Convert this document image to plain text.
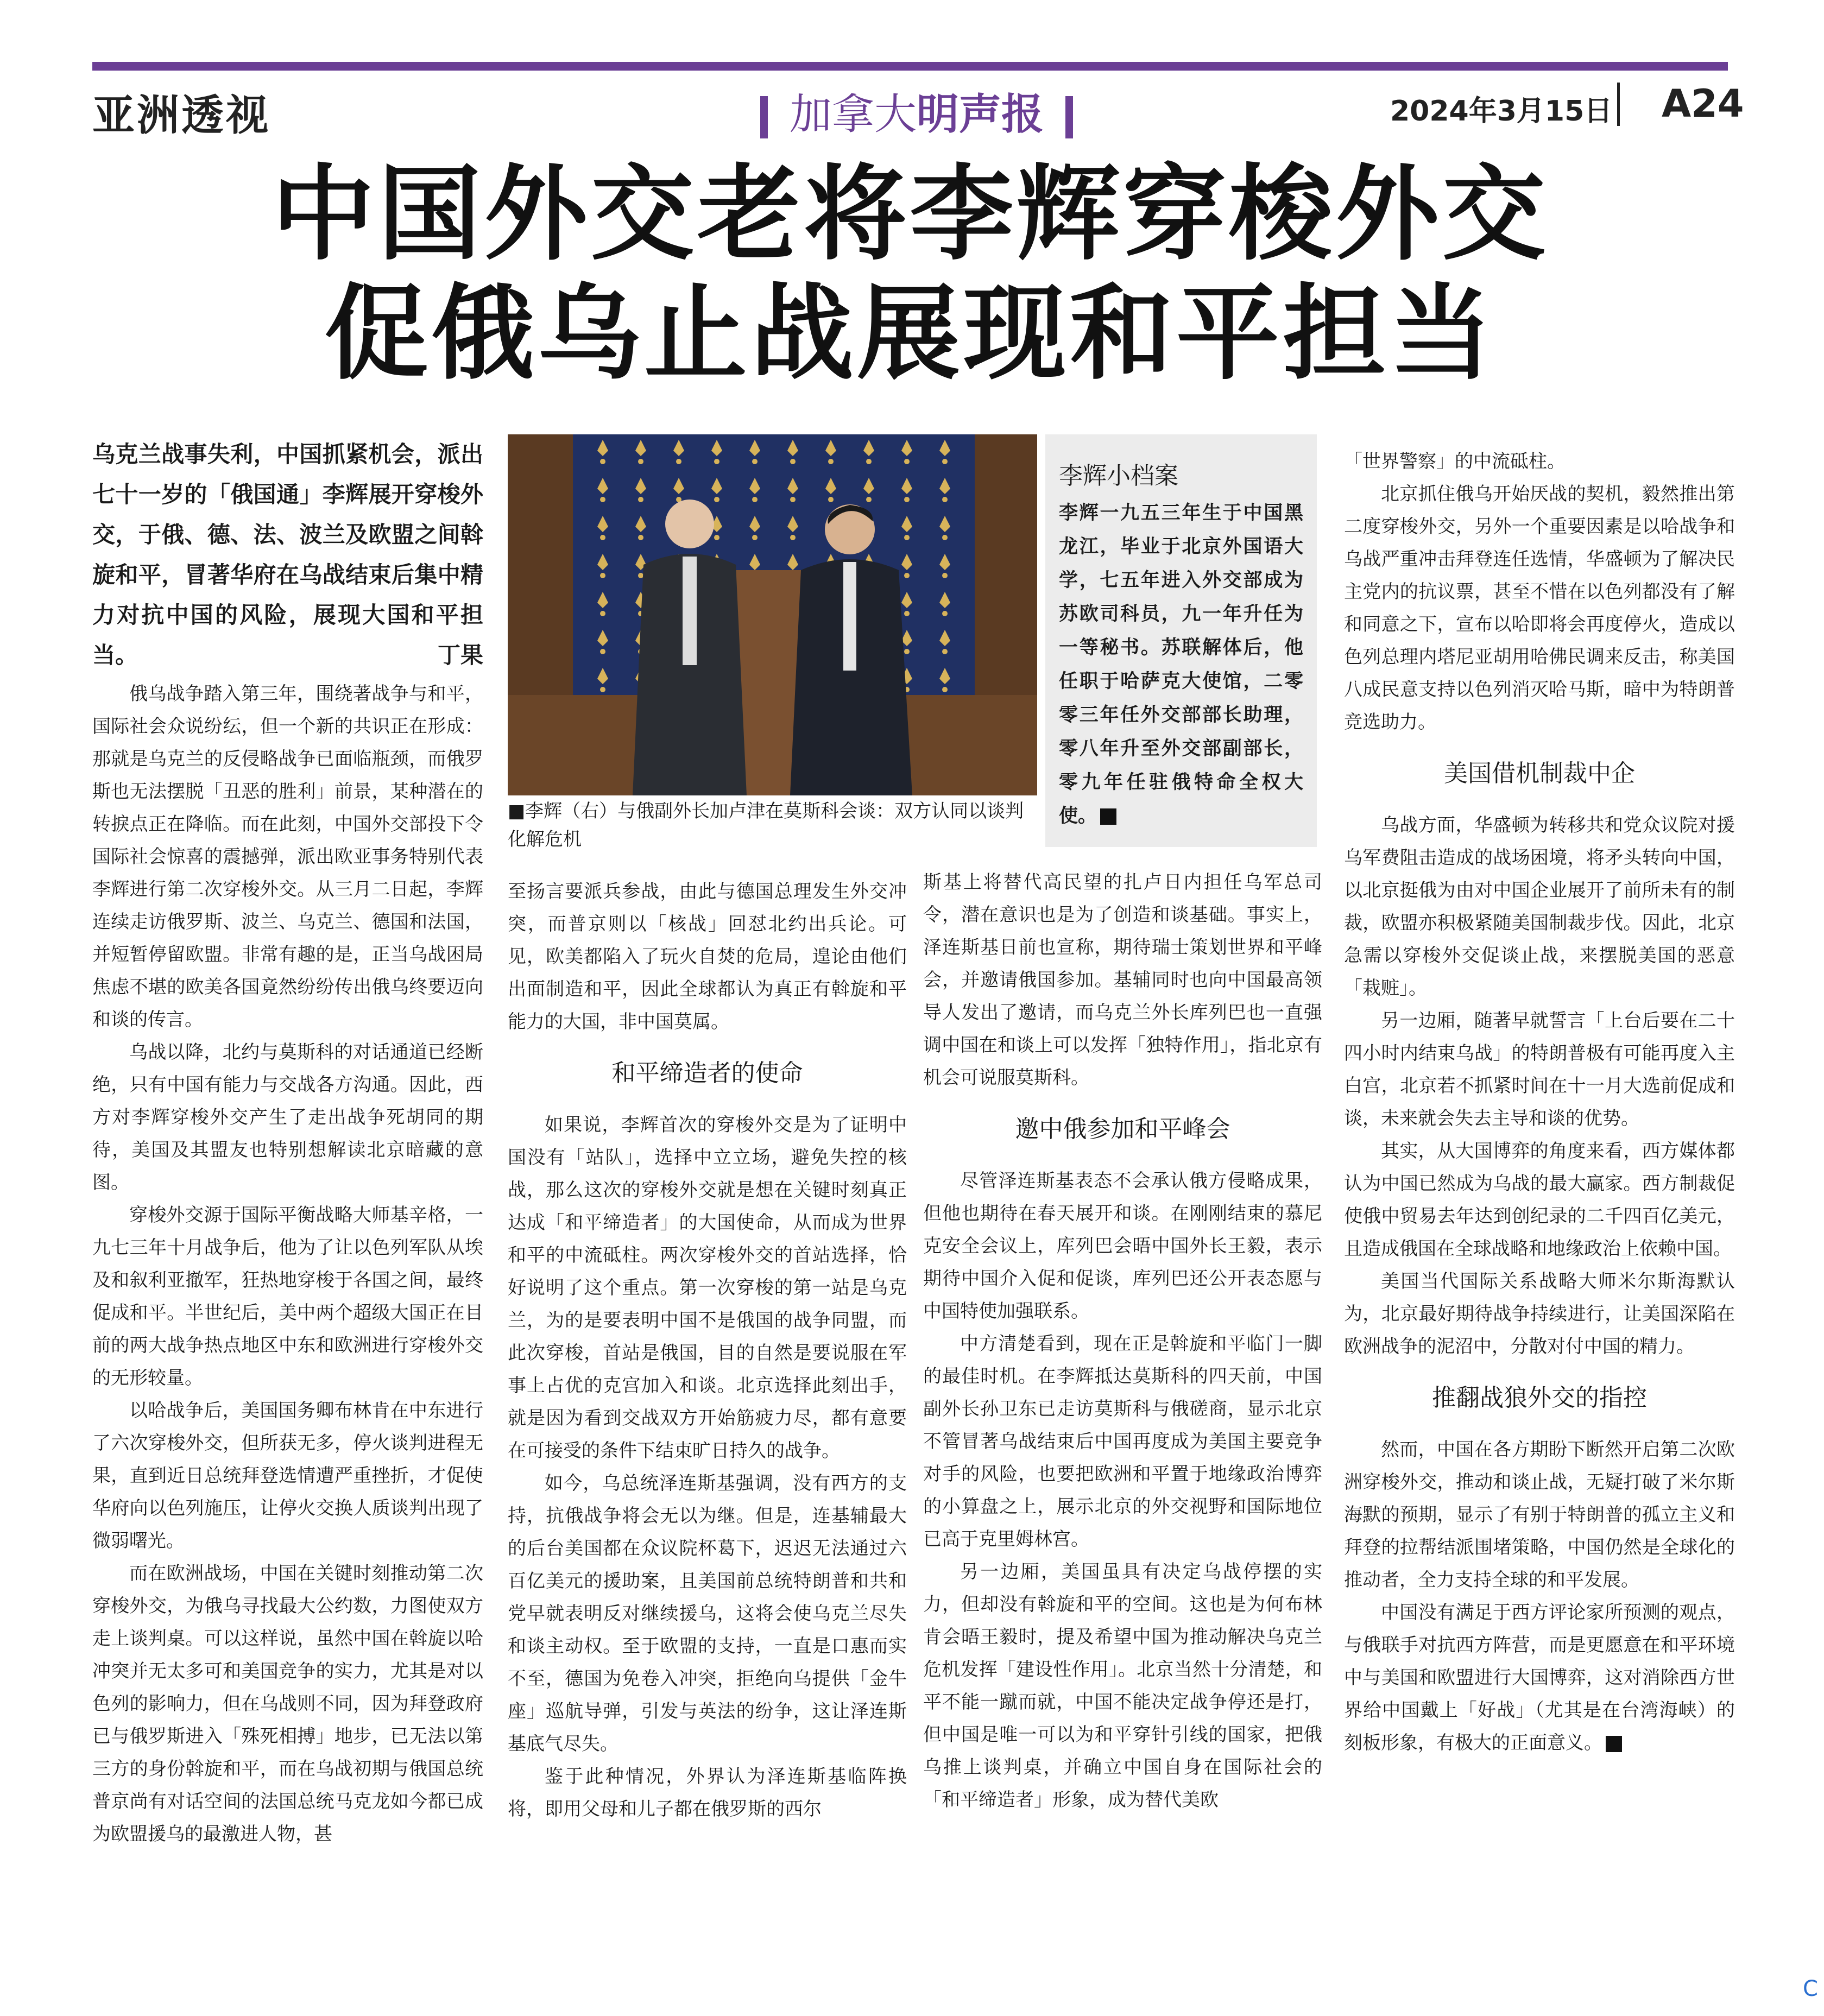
亚洲透视	加拿大明声报	2024年3月15日 A24
中国外交老将李辉穿梭外交
促俄乌止战展现和平担当
乌克兰战事失利，中国抓紧机会，派出七十一岁的「俄国通」李辉展开穿梭外交，于俄、德、法、波兰及欧盟之间斡旋和平，冒著华府在乌战结束后集中精力对抗中国的风险，展现大国和平担当。	丁果
■李辉（右）与俄副外长加卢津在莫斯科会谈：双方认同以谈判化解危机
李辉小档案
李辉一九五三年生于中国黑龙江，毕业于北京外国语大学，七五年进入外交部成为苏欧司科员，九一年升任为一等秘书。苏联解体后，他任职于哈萨克大使馆，二零零三年任外交部部长助理，零八年升至外交部副部长，零九年任驻俄特命全权大使。

俄乌战争踏入第三年，围绕著战争与和平，国际社会众说纷纭，但一个新的共识正在形成：那就是乌克兰的反侵略战争已面临瓶颈，而俄罗斯也无法摆脱「丑恶的胜利」前景，某种潜在的转捩点正在降临。而在此刻，中国外交部投下令国际社会惊喜的震撼弹，派出欧亚事务特别代表李辉进行第二次穿梭外交。从三月二日起，李辉连续走访俄罗斯、波兰、乌克兰、德国和法国，并短暂停留欧盟。非常有趣的是，正当乌战困局焦虑不堪的欧美各国竟然纷纷传出俄乌终要迈向和谈的传言。

乌战以降，北约与莫斯科的对话通道已经断绝，只有中国有能力与交战各方沟通。因此，西方对李辉穿梭外交产生了走出战争死胡同的期待，美国及其盟友也特别想解读北京暗藏的意图。

穿梭外交源于国际平衡战略大师基辛格，一九七三年十月战争后，他为了让以色列军队从埃及和叙利亚撤军，狂热地穿梭于各国之间，最终促成和平。半世纪后，美中两个超级大国正在目前的两大战争热点地区中东和欧洲进行穿梭外交的无形较量。

以哈战争后，美国国务卿布林肯在中东进行了六次穿梭外交，但所获无多，停火谈判进程无果，直到近日总统拜登选情遭严重挫折，才促使华府向以色列施压，让停火交换人质谈判出现了微弱曙光。

而在欧洲战场，中国在关键时刻推动第二次穿梭外交，为俄乌寻找最大公约数，力图使双方走上谈判桌。可以这样说，虽然中国在斡旋以哈冲突并无太多可和美国竞争的实力，尤其是对以色列的影响力，但在乌战则不同，因为拜登政府已与俄罗斯进入「殊死相搏」地步，已无法以第三方的身份斡旋和平，而在乌战初期与俄国总统普京尚有对话空间的法国总统马克龙如今都已成为欧盟援乌的最激进人物，甚

至扬言要派兵参战，由此与德国总理发生外交冲突，而普京则以「核战」回怼北约出兵论。可见，欧美都陷入了玩火自焚的危局，遑论由他们出面制造和平，因此全球都认为真正有斡旋和平能力的大国，非中国莫属。

和平缔造者的使命

如果说，李辉首次的穿梭外交是为了证明中国没有「站队」，选择中立立场，避免失控的核战，那么这次的穿梭外交就是想在关键时刻真正达成「和平缔造者」的大国使命，从而成为世界和平的中流砥柱。两次穿梭外交的首站选择，恰好说明了这个重点。第一次穿梭的第一站是乌克兰，为的是要表明中国不是俄国的战争同盟，而此次穿梭，首站是俄国，目的自然是要说服在军事上占优的克宫加入和谈。北京选择此刻出手，就是因为看到交战双方开始筋疲力尽，都有意要在可接受的条件下结束旷日持久的战争。

如今，乌总统泽连斯基强调，没有西方的支持，抗俄战争将会无以为继。但是，连基辅最大的后台美国都在众议院杯葛下，迟迟无法通过六百亿美元的援助案，且美国前总统特朗普和共和党早就表明反对继续援乌，这将会使乌克兰尽失和谈主动权。至于欧盟的支持，一直是口惠而实不至，德国为免卷入冲突，拒绝向乌提供「金牛座」巡航导弹，引发与英法的纷争，这让泽连斯基底气尽失。

鉴于此种情况，外界认为泽连斯基临阵换将，即用父母和儿子都在俄罗斯的西尔

斯基上将替代高民望的扎卢日内担任乌军总司令，潜在意识也是为了创造和谈基础。事实上，泽连斯基日前也宣称，期待瑞士策划世界和平峰会，并邀请俄国参加。基辅同时也向中国最高领导人发出了邀请，而乌克兰外长库列巴也一直强调中国在和谈上可以发挥「独特作用」，指北京有机会可说服莫斯科。

邀中俄参加和平峰会

尽管泽连斯基表态不会承认俄方侵略成果，但他也期待在春天展开和谈。在刚刚结束的慕尼克安全会议上，库列巴会晤中国外长王毅，表示期待中国介入促和促谈，库列巴还公开表态愿与中国特使加强联系。

中方清楚看到，现在正是斡旋和平临门一脚的最佳时机。在李辉抵达莫斯科的四天前，中国副外长孙卫东已走访莫斯科与俄磋商，显示北京不管冒著乌战结束后中国再度成为美国主要竞争对手的风险，也要把欧洲和平置于地缘政治博弈的小算盘之上，展示北京的外交视野和国际地位已高于克里姆林宫。

另一边厢，美国虽具有决定乌战停摆的实力，但却没有斡旋和平的空间。这也是为何布林肯会晤王毅时，提及希望中国为推动解决乌克兰危机发挥「建设性作用」。北京当然十分清楚，和平不能一蹴而就，中国不能决定战争停还是打，但中国是唯一可以为和平穿针引线的国家，把俄乌推上谈判桌，并确立中国自身在国际社会的「和平缔造者」形象，成为替代美欧

「世界警察」的中流砥柱。

北京抓住俄乌开始厌战的契机，毅然推出第二度穿梭外交，另外一个重要因素是以哈战争和乌战严重冲击拜登连任选情，华盛顿为了解决民主党内的抗议票，甚至不惜在以色列都没有了解和同意之下，宣布以哈即将会再度停火，造成以色列总理内塔尼亚胡用哈佛民调来反击，称美国八成民意支持以色列消灭哈马斯，暗中为特朗普竞选助力。

美国借机制裁中企

乌战方面，华盛顿为转移共和党众议院对援乌军费阻击造成的战场困境，将矛头转向中国，以北京挺俄为由对中国企业展开了前所未有的制裁，欧盟亦积极紧随美国制裁步伐。因此，北京急需以穿梭外交促谈止战，来摆脱美国的恶意「栽赃」。

另一边厢，随著早就誓言「上台后要在二十四小时内结束乌战」的特朗普极有可能再度入主白宫，北京若不抓紧时间在十一月大选前促成和谈，未来就会失去主导和谈的优势。

其实，从大国博弈的角度来看，西方媒体都认为中国已然成为乌战的最大赢家。西方制裁促使俄中贸易去年达到创纪录的二千四百亿美元，且造成俄国在全球战略和地缘政治上依赖中国。

美国当代国际关系战略大师米尔斯海默认为，北京最好期待战争持续进行，让美国深陷在欧洲战争的泥沼中，分散对付中国的精力。

推翻战狼外交的指控

然而，中国在各方期盼下断然开启第二次欧洲穿梭外交，推动和谈止战，无疑打破了米尔斯海默的预期，显示了有别于特朗普的孤立主义和拜登的拉帮结派围堵策略，中国仍然是全球化的推动者，全力支持全球的和平发展。

中国没有满足于西方评论家所预测的观点，与俄联手对抗西方阵营，而是更愿意在和平环境中与美国和欧盟进行大国博弈，这对消除西方世界给中国戴上「好战」（尤其是在台湾海峡）的刻板形象，有极大的正面意义。

C
